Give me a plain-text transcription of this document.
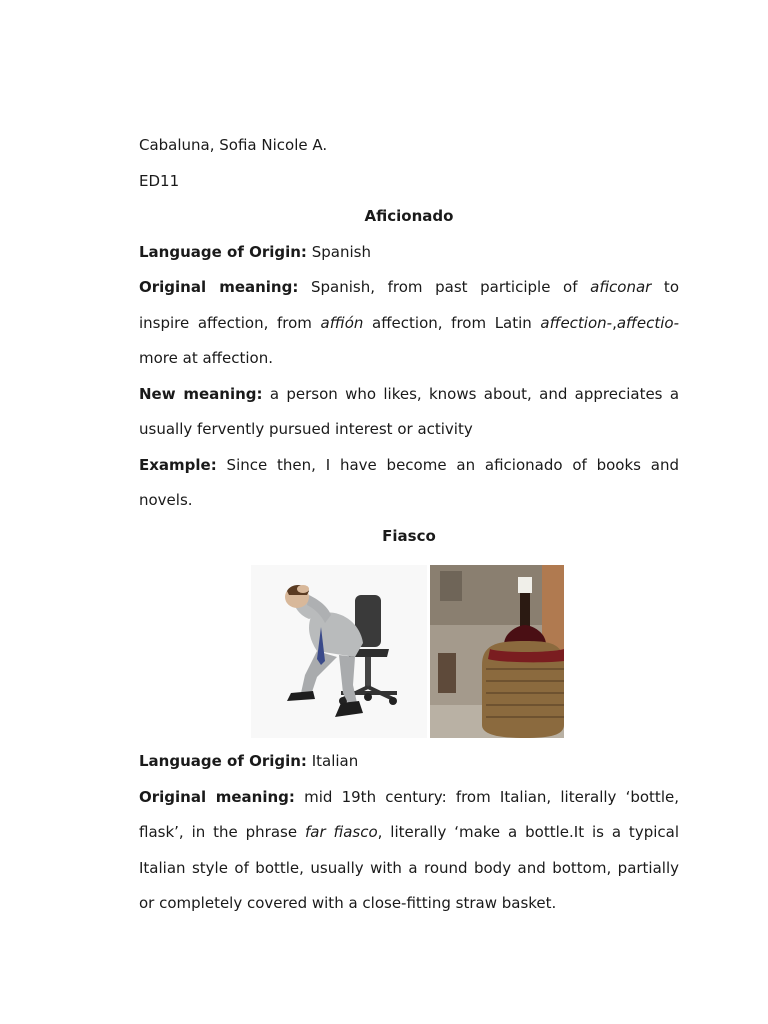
Cabaluna, Sofia Nicole A.
ED11
Aficionado
Language of Origin: Spanish
Original meaning: Spanish, from past participle of aficonar to
inspire affection, from affión affection, from Latin affection-,affectio-
more at affection.
New meaning: a person who likes, knows about, and appreciates a
usually fervently pursued interest or activity
Example: Since then, I have become an aficionado of books and
novels.
Fiasco
Language of Origin: Italian
Original meaning: mid 19th century: from Italian, literally ‘bottle,
flask’, in the phrase far fiasco, literally ‘make a bottle.It is a typical
Italian style of bottle, usually with a round body and bottom, partially
or completely covered with a close-fitting straw basket.
